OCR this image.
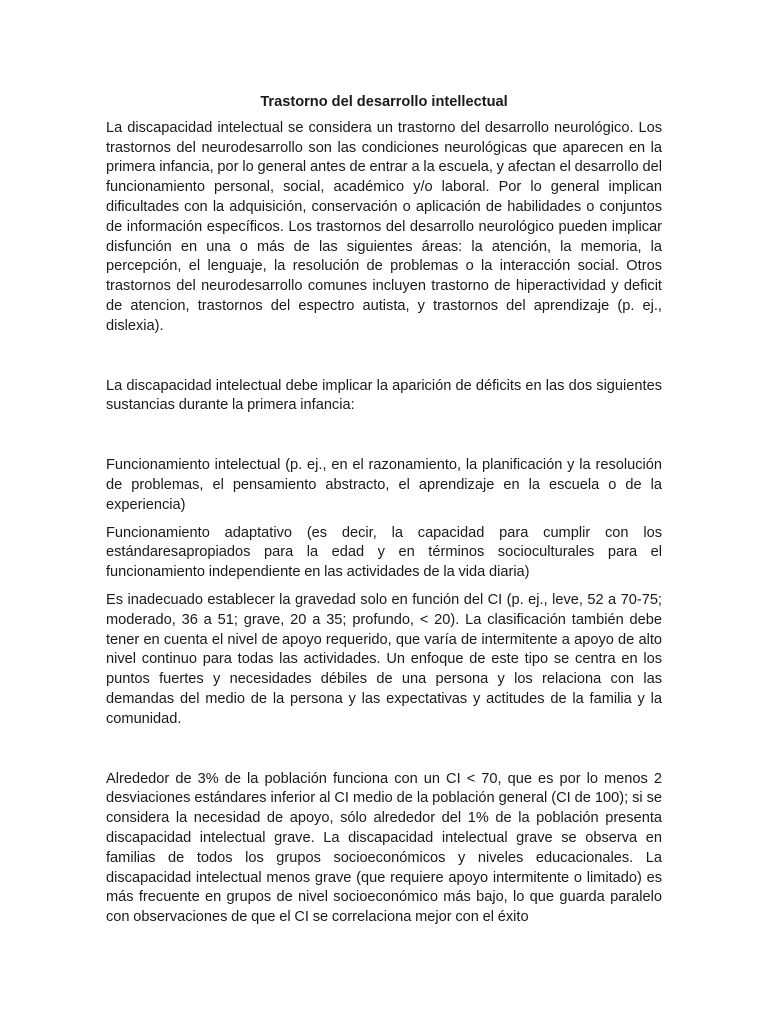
Trastorno del desarrollo intellectual

La discapacidad intelectual se considera un trastorno del desarrollo neurológico. Los trastornos del neurodesarrollo son las condiciones neurológicas que aparecen en la primera infancia, por lo general antes de entrar a la escuela, y afectan el desarrollo del funcionamiento personal, social, académico y/o laboral. Por lo general implican dificultades con la adquisición, conservación o aplicación de habilidades o conjuntos de información específicos. Los trastornos del desarrollo neurológico pueden implicar disfunción en una o más de las siguientes áreas: la atención, la memoria, la percepción, el lenguaje, la resolución de problemas o la interacción social. Otros trastornos del neurodesarrollo comunes incluyen trastorno de hiperactividad y deficit de atencion, trastornos del espectro autista, y trastornos del aprendizaje (p. ej., dislexia).

La discapacidad intelectual debe implicar la aparición de déficits en las dos siguientes sustancias durante la primera infancia:

Funcionamiento intelectual (p. ej., en el razonamiento, la planificación y la resolución de problemas, el pensamiento abstracto, el aprendizaje en la escuela o de la experiencia)

Funcionamiento adaptativo (es decir, la capacidad para cumplir con los estándaresapropiados para la edad y en términos socioculturales para el funcionamiento independiente en las actividades de la vida diaria)

Es inadecuado establecer la gravedad solo en función del CI (p. ej., leve, 52 a 70-75; moderado, 36 a 51; grave, 20 a 35; profundo, < 20). La clasificación también debe tener en cuenta el nivel de apoyo requerido, que varía de intermitente a apoyo de alto nivel continuo para todas las actividades. Un enfoque de este tipo se centra en los puntos fuertes y necesidades débiles de una persona y los relaciona con las demandas del medio de la persona y las expectativas y actitudes de la familia y la comunidad.

Alrededor de 3% de la población funciona con un CI < 70, que es por lo menos 2 desviaciones estándares inferior al CI medio de la población general (CI de 100); si se considera la necesidad de apoyo, sólo alrededor del 1% de la población presenta discapacidad intelectual grave. La discapacidad intelectual grave se observa en familias de todos los grupos socioeconómicos y niveles educacionales. La discapacidad intelectual menos grave (que requiere apoyo intermitente o limitado) es más frecuente en grupos de nivel socioeconómico más bajo, lo que guarda paralelo con observaciones de que el CI se correlaciona mejor con el éxito
